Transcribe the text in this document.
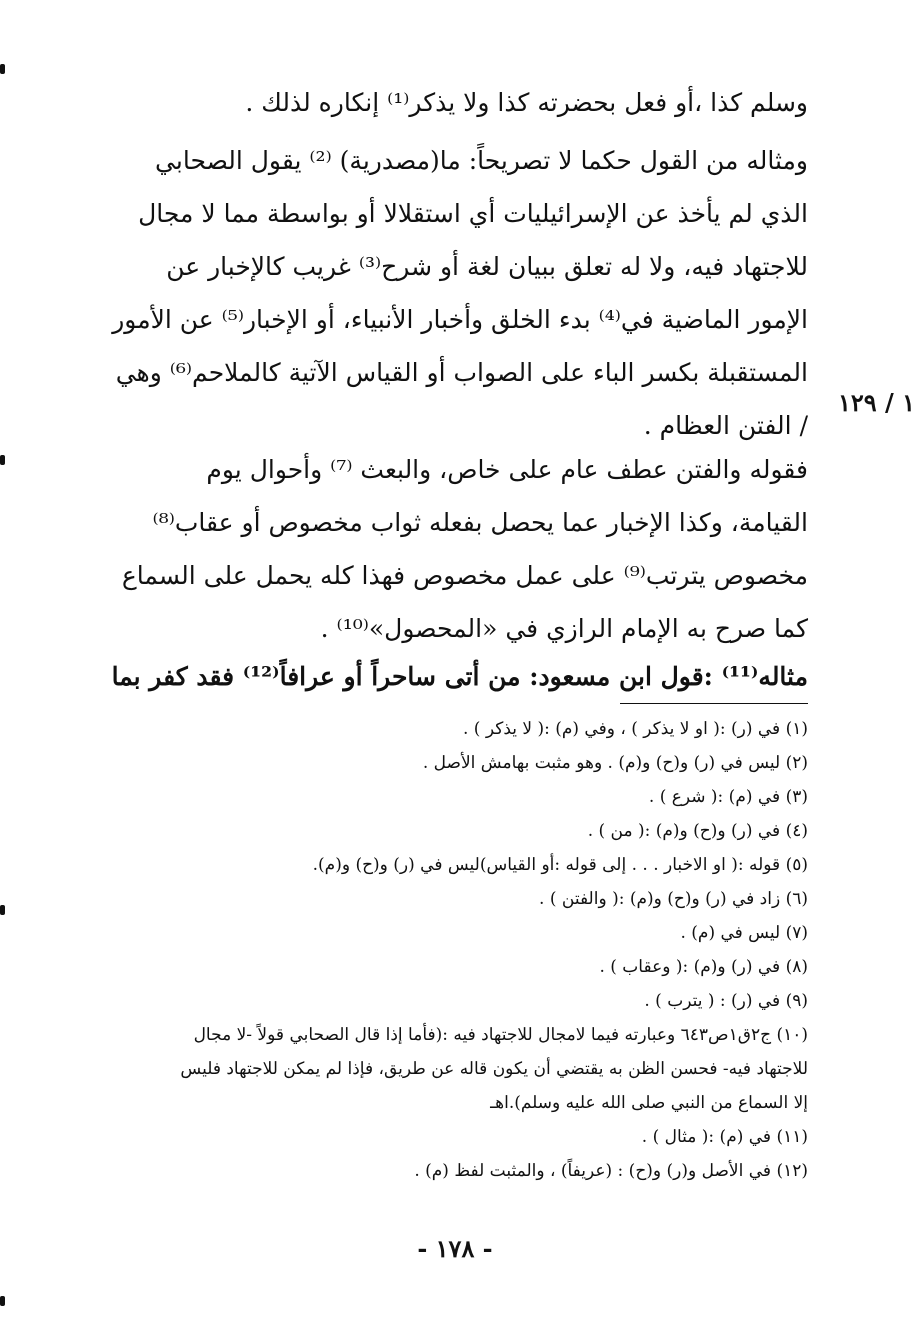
وسلم كذا ،أو فعل بحضرته كذا ولا يذكر⁽¹⁾ إنكاره لذلك .
ومثاله من القول حكما لا تصريحاً: ما(مصدرية) ⁽²⁾ يقول الصحابي
الذي لم يأخذ عن الإسرائيليات أي استقلالا أو بواسطة مما لا مجال
للاجتهاد فيه، ولا له تعلق ببيان لغة أو شرح⁽³⁾ غريب كالإخبار عن
الإمور الماضية في⁽⁴⁾ بدء الخلق وأخبار الأنبياء، أو الإخبار⁽⁵⁾ عن الأمور
المستقبلة بكسر الباء على الصواب أو القياس الآتية كالملاحم⁽⁶⁾ وهي
/ الفتن العظام .
١ / ١٢٩
فقوله والفتن عطف عام على خاص، والبعث ⁽⁷⁾ وأحوال يوم
القيامة، وكذا الإخبار عما يحصل بفعله ثواب مخصوص أو عقاب⁽⁸⁾
مخصوص يترتب⁽⁹⁾ على عمل مخصوص فهذا كله يحمل على السماع
كما صرح به الإمام الرازي في «المحصول»⁽¹⁰⁾ .
مثاله⁽¹¹⁾ :قول ابن مسعود: من أتى ساحراً أو عرافاً⁽¹²⁾ فقد كفر بما
(١) في (ر) :( او لا يذكر ) ، وفي (م) :( لا يذكر ) .
(٢) ليس في (ر) و(ح) و(م) . وهو مثبت بهامش الأصل .
(٣) في (م) :( شرع ) .
(٤) في (ر) و(ح) و(م) :( من ) .
(٥) قوله :( او الاخبار . . . إلى قوله :أو القياس)ليس في (ر) و(ح) و(م).
(٦) زاد في (ر) و(ح) و(م) :( والفتن ) .
(٧) ليس في (م) .
(٨) في (ر) و(م) :( وعقاب ) .
(٩) في (ر) : ( يترب ) .
(١٠) ج٢ق١ص٦٤٣ وعبارته فيما لامجال للاجتهاد فيه :(فأما إذا قال الصحابي قولاً -لا مجال
للاجتهاد فيه- فحسن الظن به يقتضي أن يكون قاله عن طريق، فإذا لم يمكن للاجتهاد فليس
إلا السماع من النبي صلى الله عليه وسلم).اهـ
(١١) في (م) :( مثال ) .
(١٢) في الأصل و(ر) و(ح) : (عريفاً) ، والمثبت لفظ (م) .
- ١٧٨ -
